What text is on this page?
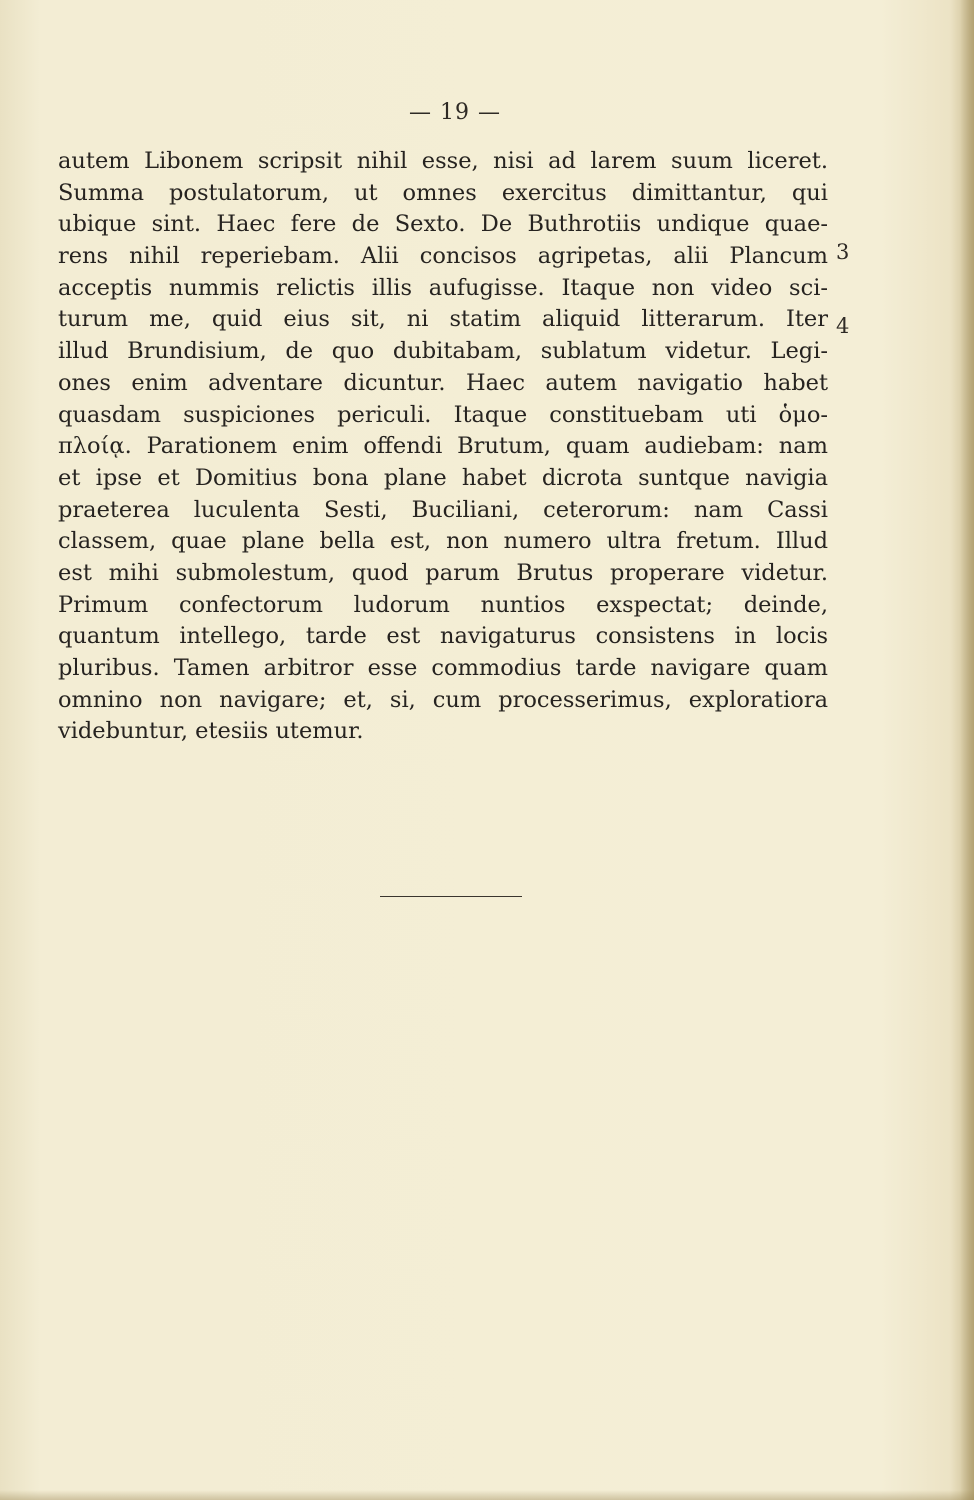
— 19 —
autem Libonem scripsit nihil esse, nisi ad larem suum liceret.
Summa postulatorum, ut omnes exercitus dimittantur, qui
ubique sint. Haec fere de Sexto. De Buthrotiis undique quae-
rens nihil reperiebam. Alii concisos agripetas, alii Plancum
acceptis nummis relictis illis aufugisse. Itaque non video sci-
turum me, quid eius sit, ni statim aliquid litterarum. Iter
illud Brundisium, de quo dubitabam, sublatum videtur. Legi-
ones enim adventare dicuntur. Haec autem navigatio habet
quasdam suspiciones periculi. Itaque constituebam uti ὁμο-
πλοίᾳ. Parationem enim offendi Brutum, quam audiebam: nam
et ipse et Domitius bona plane habet dicrota suntque navigia
praeterea luculenta Sesti, Buciliani, ceterorum: nam Cassi
classem, quae plane bella est, non numero ultra fretum. Illud
est mihi submolestum, quod parum Brutus properare videtur.
Primum confectorum ludorum nuntios exspectat; deinde,
quantum intellego, tarde est navigaturus consistens in locis
pluribus. Tamen arbitror esse commodius tarde navigare quam
omnino non navigare; et, si, cum processerimus, exploratiora
videbuntur, etesiis utemur.
3
4
